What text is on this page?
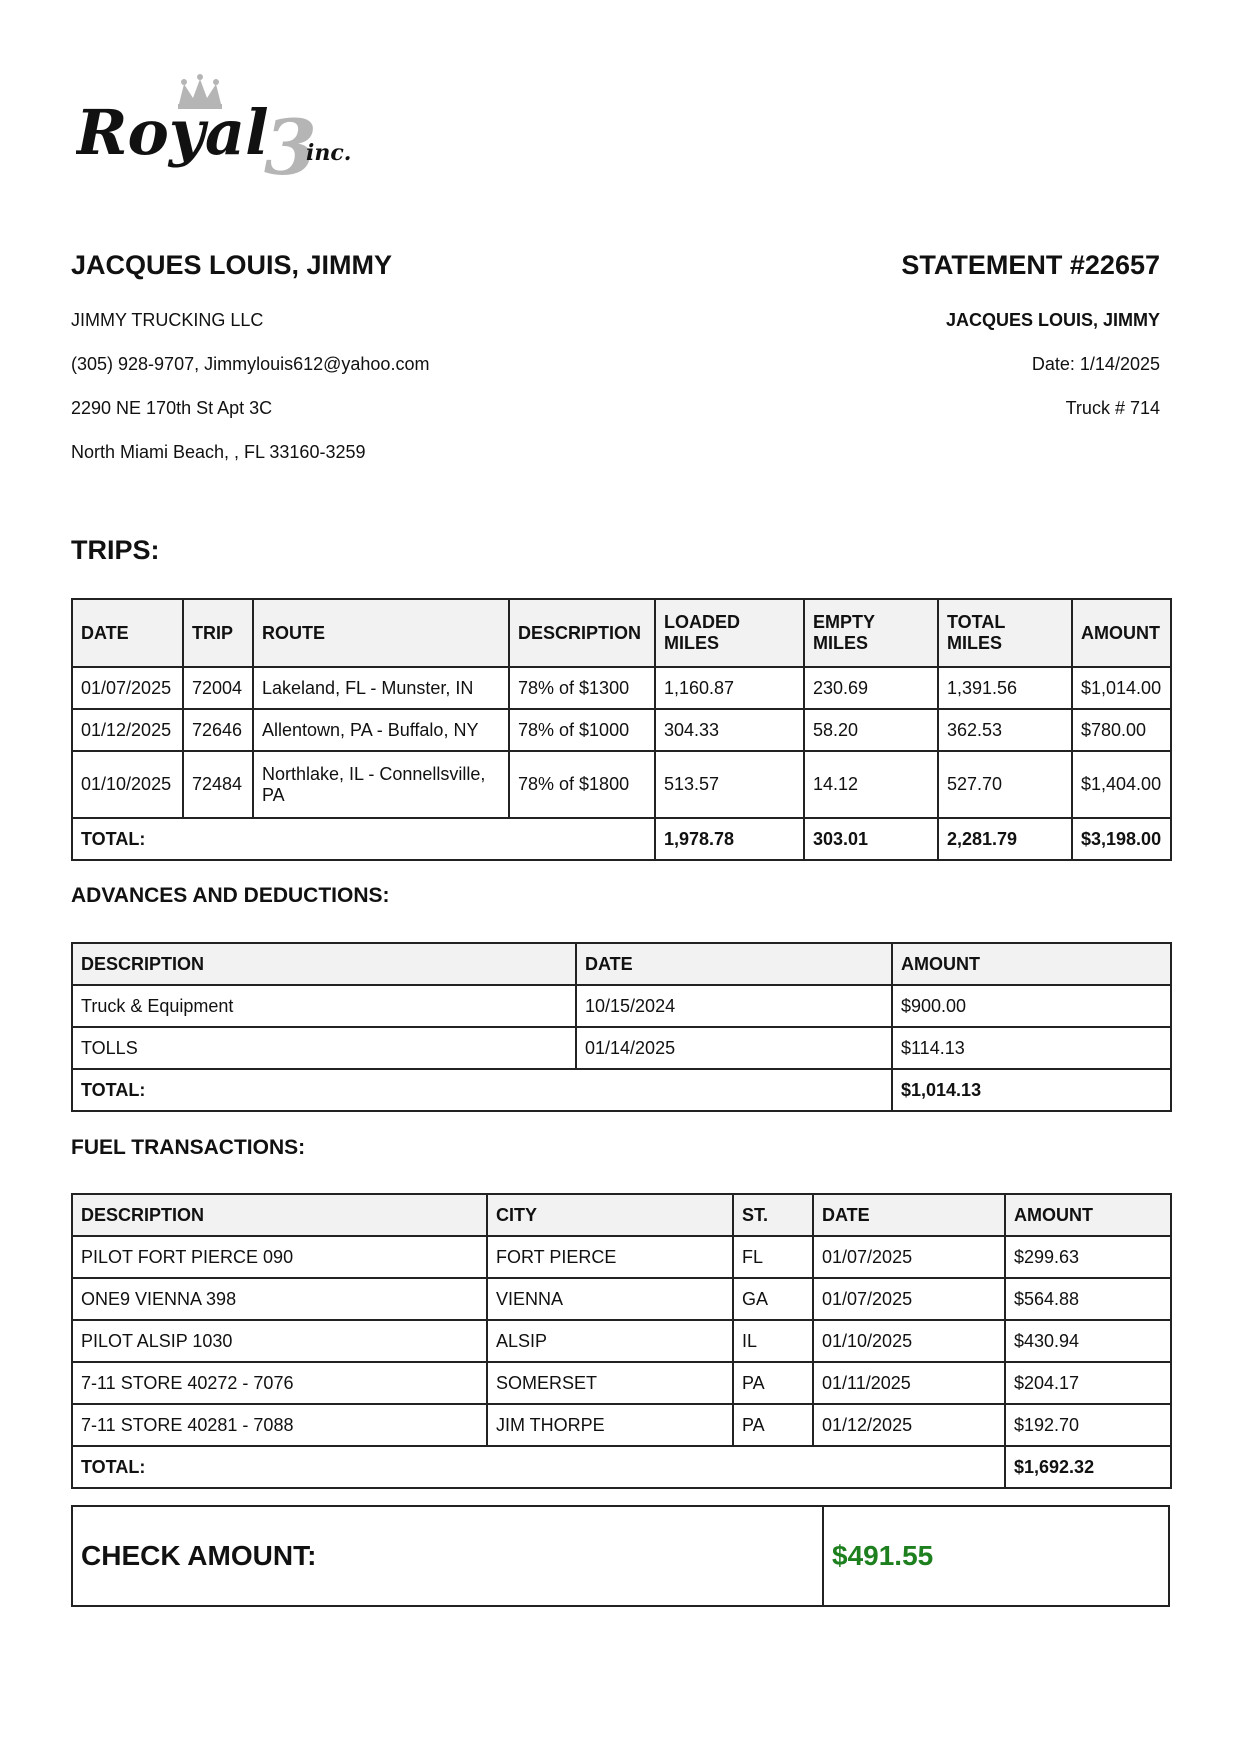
Royal
3
inc.
JACQUES LOUIS, JIMMY	STATEMENT #22657
JIMMY TRUCKING LLC
(305) 928-9707, Jimmylouis612@yahoo.com
2290 NE 170th St Apt 3C
North Miami Beach, , FL 33160-3259
JACQUES LOUIS, JIMMY
Date: 1/14/2025
Truck # 714
TRIPS:
DATE	TRIP	ROUTE	DESCRIPTION	LOADED MILES	EMPTY MILES	TOTAL MILES	AMOUNT
01/07/2025	72004	Lakeland, FL - Munster, IN	78% of $1300	1,160.87	230.69	1,391.56	$1,014.00
01/12/2025	72646	Allentown, PA - Buffalo, NY	78% of $1000	304.33	58.20	362.53	$780.00
01/10/2025	72484	Northlake, IL - Connellsville, PA	78% of $1800	513.57	14.12	527.70	$1,404.00
TOTAL:				1,978.78	303.01	2,281.79	$3,198.00
ADVANCES AND DEDUCTIONS:
DESCRIPTION	DATE	AMOUNT
Truck & Equipment	10/15/2024	$900.00
TOLLS	01/14/2025	$114.13
TOTAL:		$1,014.13
FUEL TRANSACTIONS:
DESCRIPTION	CITY	ST.	DATE	AMOUNT
PILOT FORT PIERCE 090	FORT PIERCE	FL	01/07/2025	$299.63
ONE9 VIENNA 398	VIENNA	GA	01/07/2025	$564.88
PILOT ALSIP 1030	ALSIP	IL	01/10/2025	$430.94
7-11 STORE 40272 - 7076	SOMERSET	PA	01/11/2025	$204.17
7-11 STORE 40281 - 7088	JIM THORPE	PA	01/12/2025	$192.70
TOTAL:				$1,692.32
CHECK AMOUNT:	$491.55
